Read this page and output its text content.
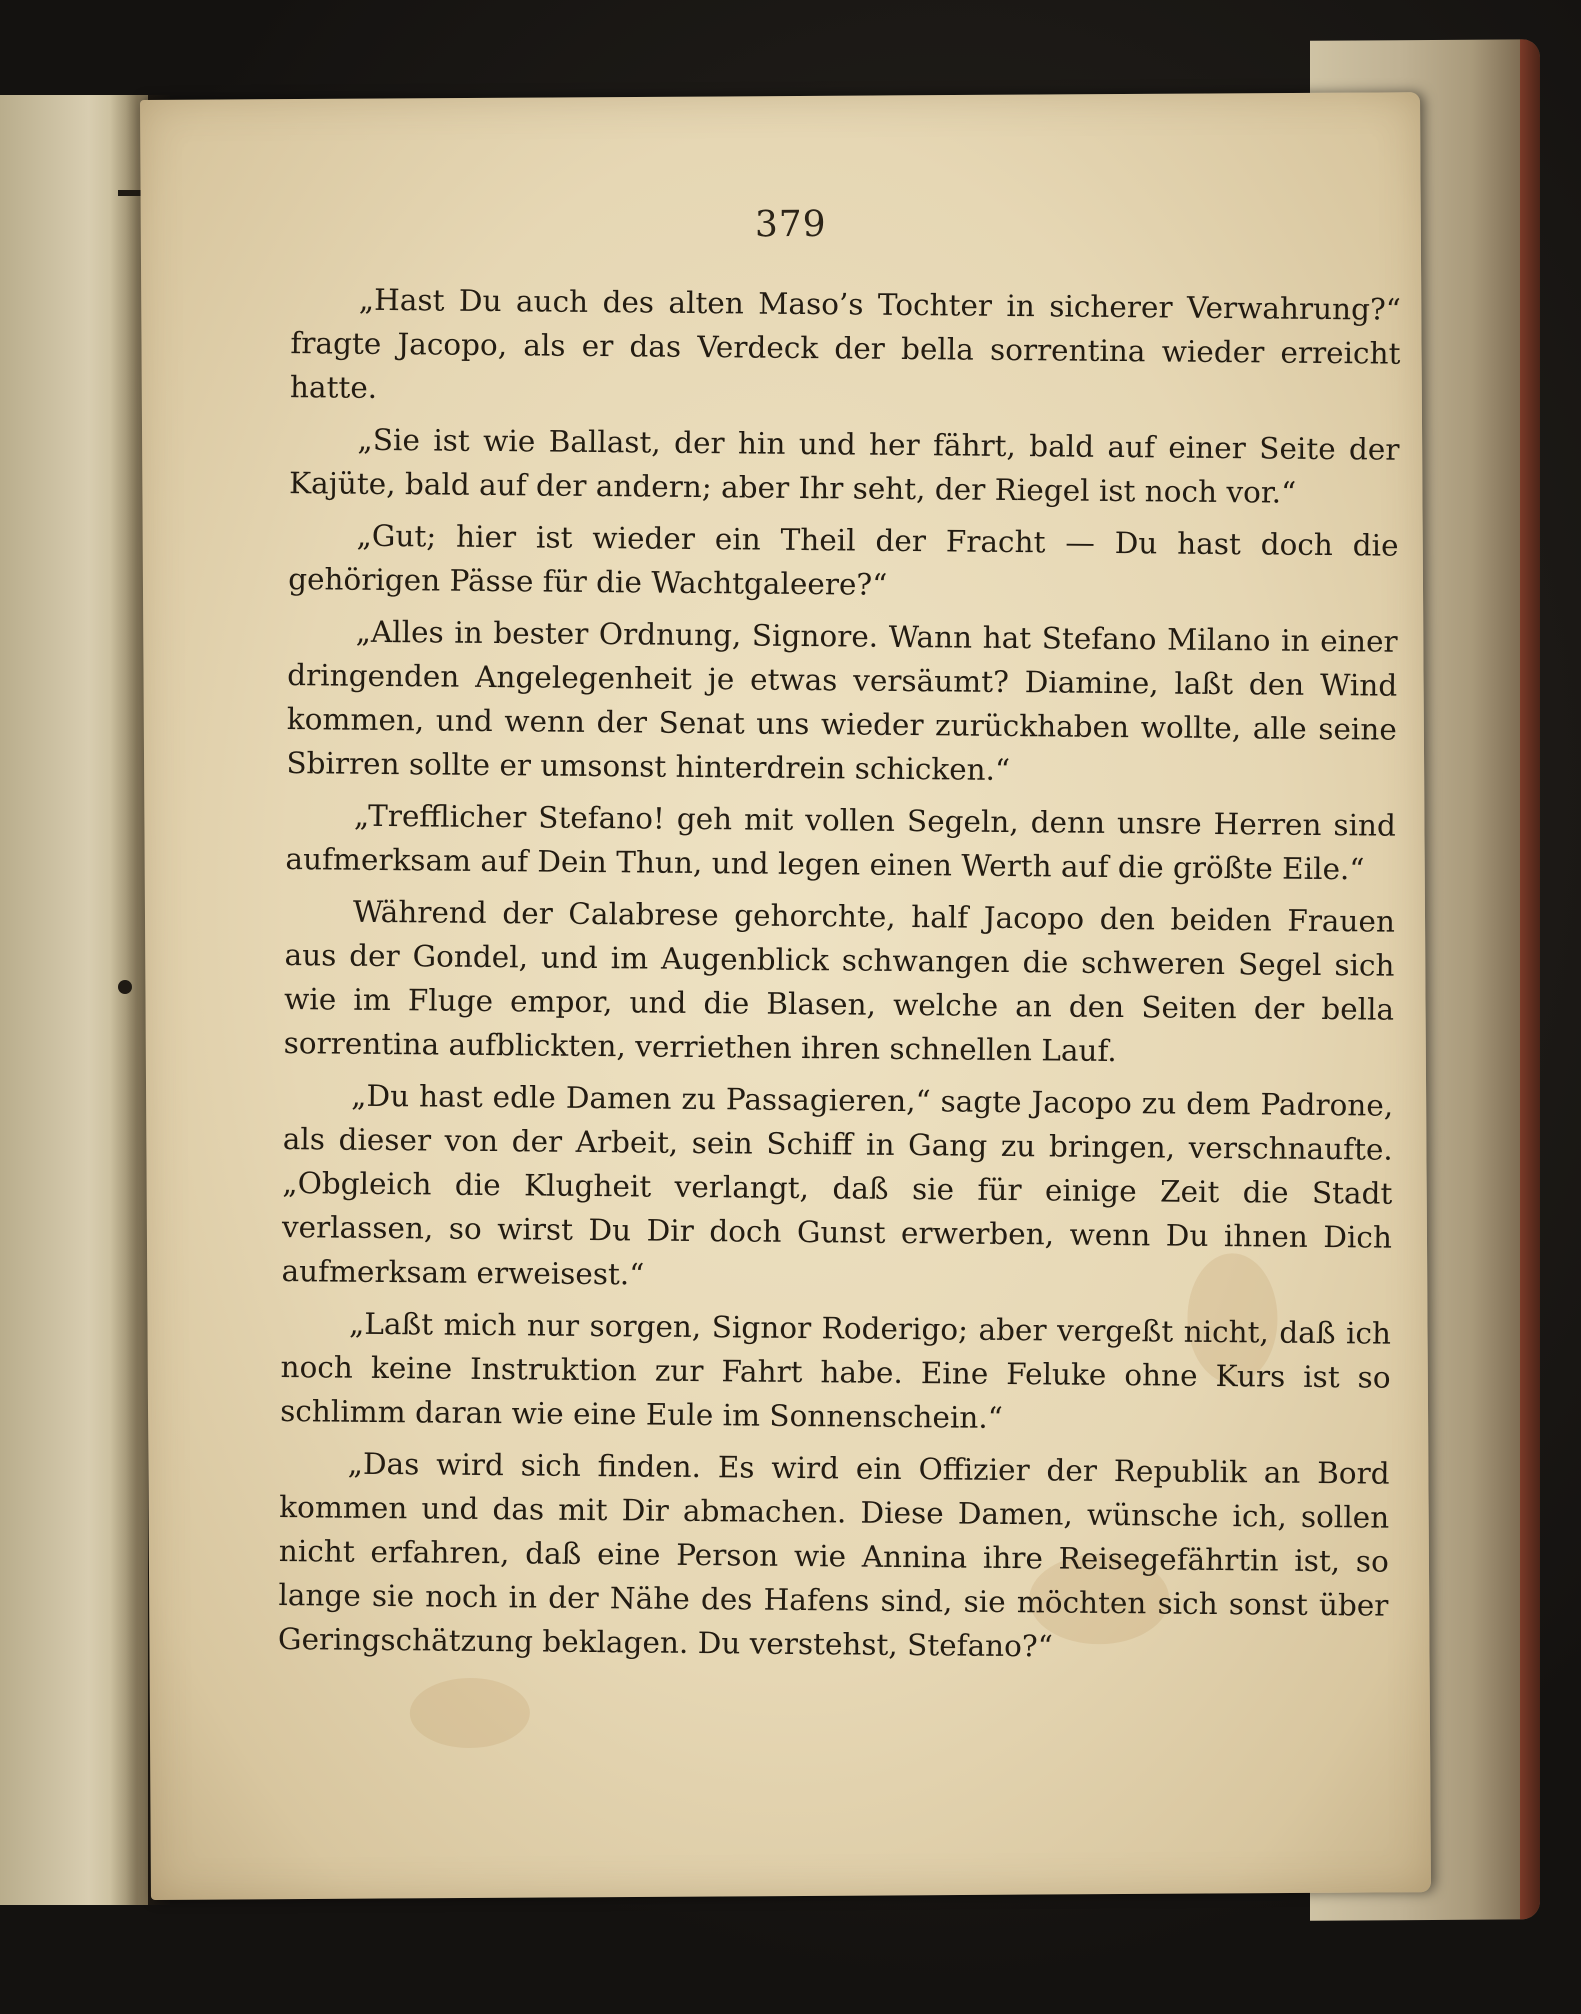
379

„Hast Du auch des alten Maso’s Tochter in sicherer Verwahrung?“ fragte Jacopo, als er das Verdeck der bella sorrentina wieder erreicht hatte.

„Sie ist wie Ballast, der hin und her fährt, bald auf einer Seite der Kajüte, bald auf der andern; aber Ihr seht, der Riegel ist noch vor.“

„Gut; hier ist wieder ein Theil der Fracht — Du hast doch die gehörigen Pässe für die Wachtgaleere?“

„Alles in bester Ordnung, Signore. Wann hat Stefano Milano in einer dringenden Angelegenheit je etwas versäumt? Diamine, laßt den Wind kommen, und wenn der Senat uns wieder zurückhaben wollte, alle seine Sbirren sollte er umsonst hinterdrein schicken.“

„Trefflicher Stefano! geh mit vollen Segeln, denn unsre Herren sind aufmerksam auf Dein Thun, und legen einen Werth auf die größte Eile.“

Während der Calabrese gehorchte, half Jacopo den beiden Frauen aus der Gondel, und im Augenblick schwangen die schweren Segel sich wie im Fluge empor, und die Blasen, welche an den Seiten der bella sorrentina aufblickten, verriethen ihren schnellen Lauf.

„Du hast edle Damen zu Passagieren,“ sagte Jacopo zu dem Padrone, als dieser von der Arbeit, sein Schiff in Gang zu bringen, verschnaufte. „Obgleich die Klugheit verlangt, daß sie für einige Zeit die Stadt verlassen, so wirst Du Dir doch Gunst erwerben, wenn Du ihnen Dich aufmerksam erweisest.“

„Laßt mich nur sorgen, Signor Roderigo; aber vergeßt nicht, daß ich noch keine Instruktion zur Fahrt habe. Eine Feluke ohne Kurs ist so schlimm daran wie eine Eule im Sonnenschein.“

„Das wird sich finden. Es wird ein Offizier der Republik an Bord kommen und das mit Dir abmachen. Diese Damen, wünsche ich, sollen nicht erfahren, daß eine Person wie Annina ihre Reisegefährtin ist, so lange sie noch in der Nähe des Hafens sind, sie möchten sich sonst über Geringschätzung beklagen. Du verstehst, Stefano?“
